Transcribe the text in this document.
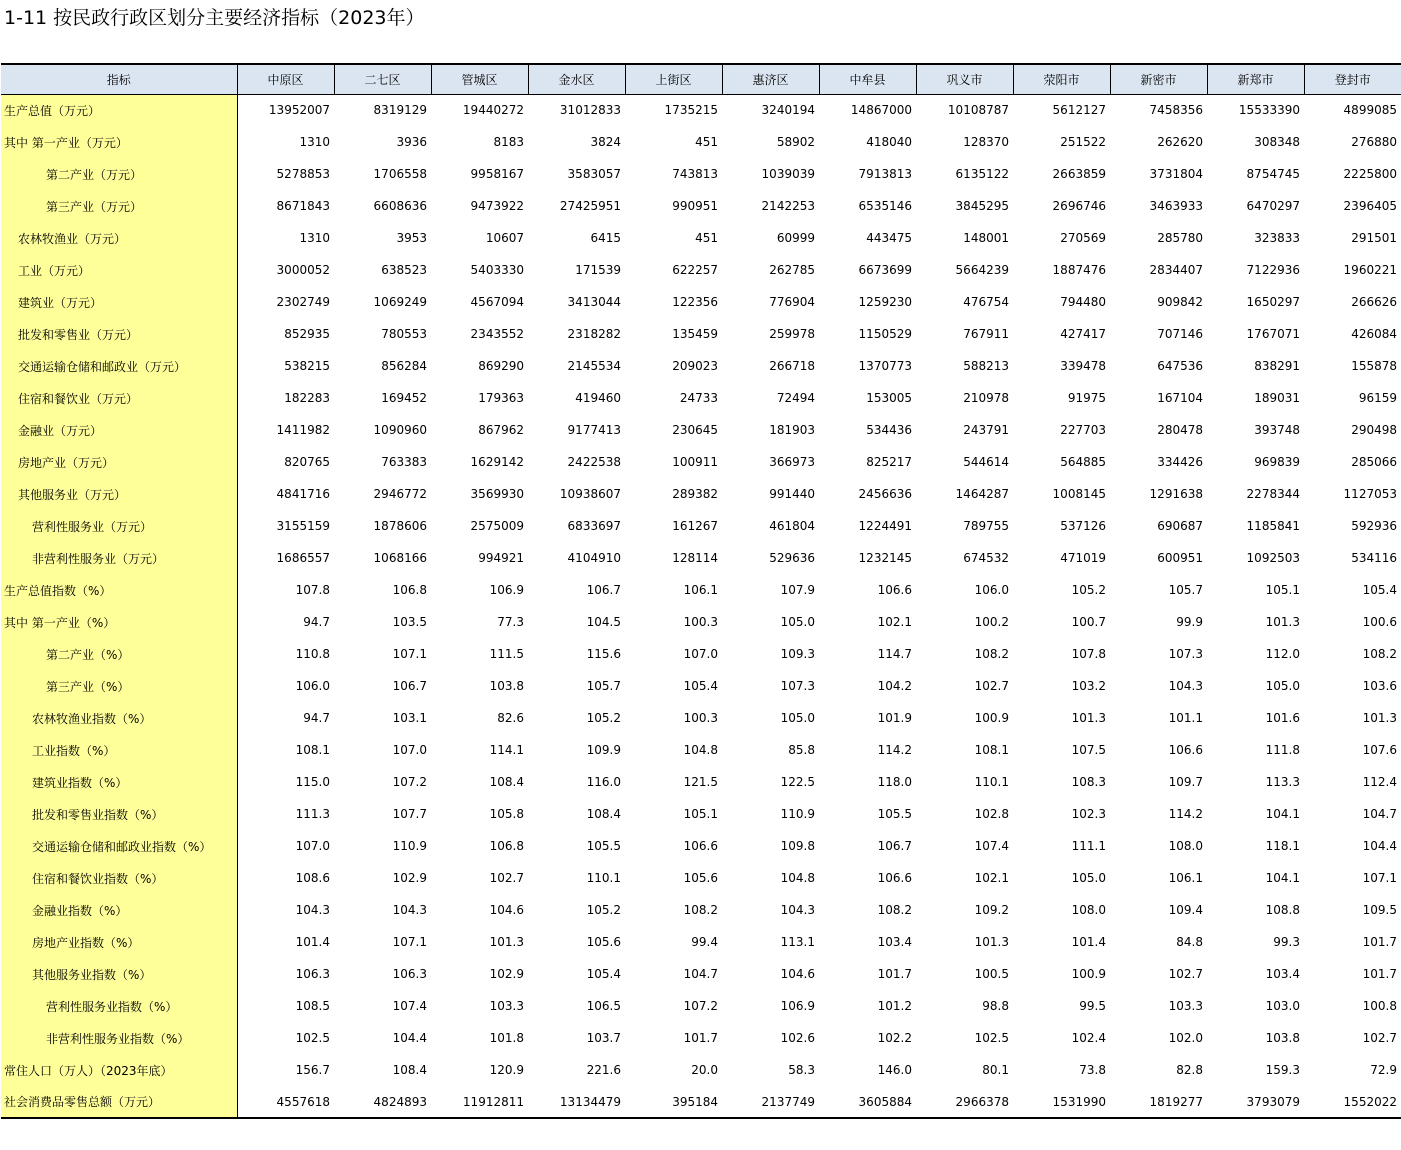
1-11 按民政行政区划分主要经济指标（2023年）
指标	中原区	二七区	管城区	金水区	上街区	惠济区	中牟县	巩义市	荥阳市	新密市	新郑市	登封市
生产总值（万元）	13952007	8319129	19440272	31012833	1735215	3240194	14867000	10108787	5612127	7458356	15533390	4899085
其中 第一产业（万元）	1310	3936	8183	3824	451	58902	418040	128370	251522	262620	308348	276880
第二产业（万元）	5278853	1706558	9958167	3583057	743813	1039039	7913813	6135122	2663859	3731804	8754745	2225800
第三产业（万元）	8671843	6608636	9473922	27425951	990951	2142253	6535146	3845295	2696746	3463933	6470297	2396405
农林牧渔业（万元）	1310	3953	10607	6415	451	60999	443475	148001	270569	285780	323833	291501
工业（万元）	3000052	638523	5403330	171539	622257	262785	6673699	5664239	1887476	2834407	7122936	1960221
建筑业（万元）	2302749	1069249	4567094	3413044	122356	776904	1259230	476754	794480	909842	1650297	266626
批发和零售业（万元）	852935	780553	2343552	2318282	135459	259978	1150529	767911	427417	707146	1767071	426084
交通运输仓储和邮政业（万元）	538215	856284	869290	2145534	209023	266718	1370773	588213	339478	647536	838291	155878
住宿和餐饮业（万元）	182283	169452	179363	419460	24733	72494	153005	210978	91975	167104	189031	96159
金融业（万元）	1411982	1090960	867962	9177413	230645	181903	534436	243791	227703	280478	393748	290498
房地产业（万元）	820765	763383	1629142	2422538	100911	366973	825217	544614	564885	334426	969839	285066
其他服务业（万元）	4841716	2946772	3569930	10938607	289382	991440	2456636	1464287	1008145	1291638	2278344	1127053
营利性服务业（万元）	3155159	1878606	2575009	6833697	161267	461804	1224491	789755	537126	690687	1185841	592936
非营利性服务业（万元）	1686557	1068166	994921	4104910	128114	529636	1232145	674532	471019	600951	1092503	534116
生产总值指数（%）	107.8	106.8	106.9	106.7	106.1	107.9	106.6	106.0	105.2	105.7	105.1	105.4
其中 第一产业（%）	94.7	103.5	77.3	104.5	100.3	105.0	102.1	100.2	100.7	99.9	101.3	100.6
第二产业（%）	110.8	107.1	111.5	115.6	107.0	109.3	114.7	108.2	107.8	107.3	112.0	108.2
第三产业（%）	106.0	106.7	103.8	105.7	105.4	107.3	104.2	102.7	103.2	104.3	105.0	103.6
农林牧渔业指数（%）	94.7	103.1	82.6	105.2	100.3	105.0	101.9	100.9	101.3	101.1	101.6	101.3
工业指数（%）	108.1	107.0	114.1	109.9	104.8	85.8	114.2	108.1	107.5	106.6	111.8	107.6
建筑业指数（%）	115.0	107.2	108.4	116.0	121.5	122.5	118.0	110.1	108.3	109.7	113.3	112.4
批发和零售业指数（%）	111.3	107.7	105.8	108.4	105.1	110.9	105.5	102.8	102.3	114.2	104.1	104.7
交通运输仓储和邮政业指数（%）	107.0	110.9	106.8	105.5	106.6	109.8	106.7	107.4	111.1	108.0	118.1	104.4
住宿和餐饮业指数（%）	108.6	102.9	102.7	110.1	105.6	104.8	106.6	102.1	105.0	106.1	104.1	107.1
金融业指数（%）	104.3	104.3	104.6	105.2	108.2	104.3	108.2	109.2	108.0	109.4	108.8	109.5
房地产业指数（%）	101.4	107.1	101.3	105.6	99.4	113.1	103.4	101.3	101.4	84.8	99.3	101.7
其他服务业指数（%）	106.3	106.3	102.9	105.4	104.7	104.6	101.7	100.5	100.9	102.7	103.4	101.7
营利性服务业指数（%）	108.5	107.4	103.3	106.5	107.2	106.9	101.2	98.8	99.5	103.3	103.0	100.8
非营利性服务业指数（%）	102.5	104.4	101.8	103.7	101.7	102.6	102.2	102.5	102.4	102.0	103.8	102.7
常住人口（万人）（2023年底）	156.7	108.4	120.9	221.6	20.0	58.3	146.0	80.1	73.8	82.8	159.3	72.9
社会消费品零售总额（万元）	4557618	4824893	11912811	13134479	395184	2137749	3605884	2966378	1531990	1819277	3793079	1552022
